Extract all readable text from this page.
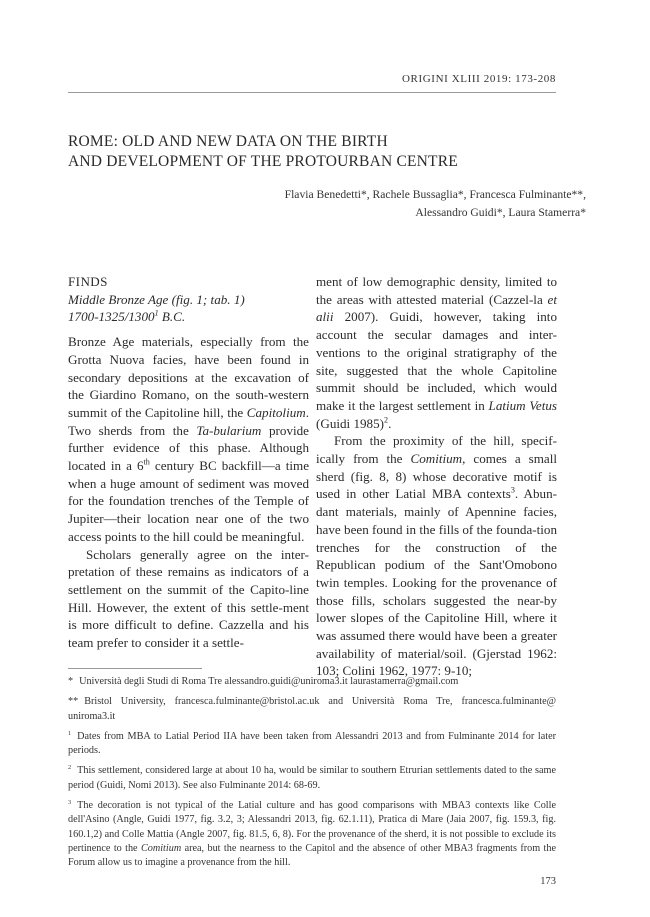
ORIGINI XLIII 2019: 173-208
ROME: OLD AND NEW DATA ON THE BIRTH
AND DEVELOPMENT OF THE PROTOURBAN CENTRE
Flavia Benedetti*, Rachele Bussaglia*, Francesca Fulminante**,
Alessandro Guidi*, Laura Stamerra*

FINDS

Middle Bronze Age (fig. 1; tab. 1)
1700-1325/1300$^1$ B.C.

Bronze Age materials, especially from the Grotta Nuova facies, have been found in secondary depositions at the excavation of the Giardino Romano, on the south-western summit of the Capitoline hill, the Capitolium. Two sherds from the Ta-bularium provide further evidence of this phase. Although located in a 6th century BC backfill—a time when a huge amount of sediment was moved for the foundation trenches of the Temple of Jupiter—their location near one of the two access points to the hill could be meaningful.

Scholars generally agree on the inter-pretation of these remains as indicators of a settlement on the summit of the Capito-line Hill. However, the extent of this settle-ment is more difficult to define. Cazzella and his team prefer to consider it a settle-

ment of low demographic density, limited to the areas with attested material (Cazzel-la et alii 2007). Guidi, however, taking into account the secular damages and inter-ventions to the original stratigraphy of the site, suggested that the whole Capitoline summit should be included, which would make it the largest settlement in Latium Vetus (Guidi 1985)$^2$.

From the proximity of the hill, specif-ically from the Comitium, comes a small sherd (fig. 8, 8) whose decorative motif is used in other Latial MBA contexts$^3$. Abun-dant materials, mainly of Apennine facies, have been found in the fills of the founda-tion trenches for the construction of the Republican podium of the Sant'Omobono twin temples. Looking for the provenance of those fills, scholars suggested the near-by lower slopes of the Capitoline Hill, where it was assumed there would have been a greater availability of material/soil. (Gjerstad 1962: 103; Colini 1962, 1977: 9-10;

* Università degli Studi di Roma Tre alessandro.guidi@uniroma3.it laurastamerra@gmail.com

** Bristol University, francesca.fulminante@bristol.ac.uk and Università Roma Tre, francesca.fulminante@ uniroma3.it

$^1$ Dates from MBA to Latial Period IIA have been taken from Alessandri 2013 and from Fulminante 2014 for later periods.

$^2$ This settlement, considered large at about 10 ha, would be similar to southern Etrurian settlements dated to the same period (Guidi, Nomi 2013). See also Fulminante 2014: 68-69.

$^3$ The decoration is not typical of the Latial culture and has good comparisons with MBA3 contexts like Colle dell'Asino (Angle, Guidi 1977, fig. 3.2, 3; Alessandri 2013, fig. 62.1.11), Pratica di Mare (Jaia 2007, fig. 159.3, fig. 160.1,2) and Colle Mattia (Angle 2007, fig. 81.5, 6, 8). For the provenance of the sherd, it is not possible to exclude its pertinence to the Comitium area, but the nearness to the Capitol and the absence of other MBA3 fragments from the Forum allow us to imagine a provenance from the hill.

173
